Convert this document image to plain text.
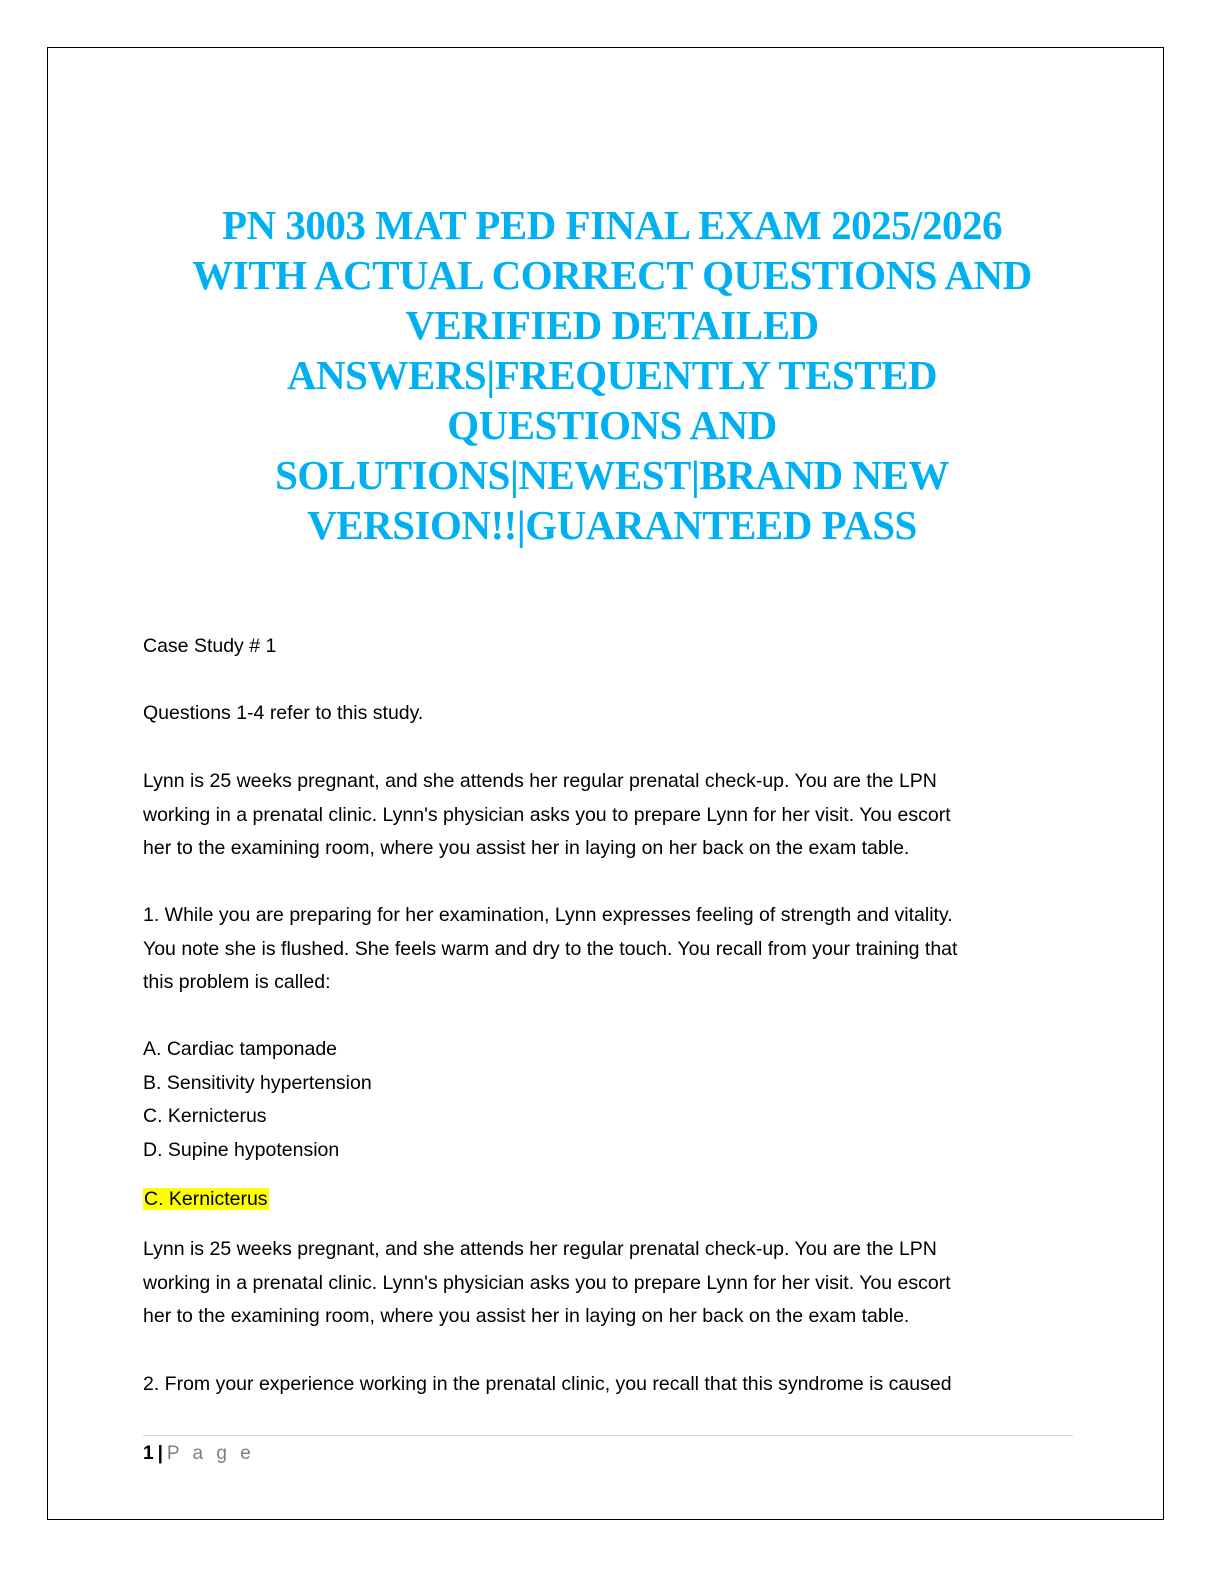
PN 3003 MAT PED FINAL EXAM 2025/2026
WITH ACTUAL CORRECT QUESTIONS AND
VERIFIED DETAILED
ANSWERS|FREQUENTLY TESTED
QUESTIONS AND
SOLUTIONS|NEWEST|BRAND NEW
VERSION!!|GUARANTEED PASS
Case Study # 1
Questions 1-4 refer to this study.
Lynn is 25 weeks pregnant, and she attends her regular prenatal check-up. You are the LPN
working in a prenatal clinic. Lynn's physician asks you to prepare Lynn for her visit. You escort
her to the examining room, where you assist her in laying on her back on the exam table.
1. While you are preparing for her examination, Lynn expresses feeling of strength and vitality.
You note she is flushed. She feels warm and dry to the touch. You recall from your training that
this problem is called:
A. Cardiac tamponade
B. Sensitivity hypertension
C. Kernicterus
D. Supine hypotension
C. Kernicterus
Lynn is 25 weeks pregnant, and she attends her regular prenatal check-up. You are the LPN
working in a prenatal clinic. Lynn's physician asks you to prepare Lynn for her visit. You escort
her to the examining room, where you assist her in laying on her back on the exam table.
2. From your experience working in the prenatal clinic, you recall that this syndrome is caused
1 | P a g e
